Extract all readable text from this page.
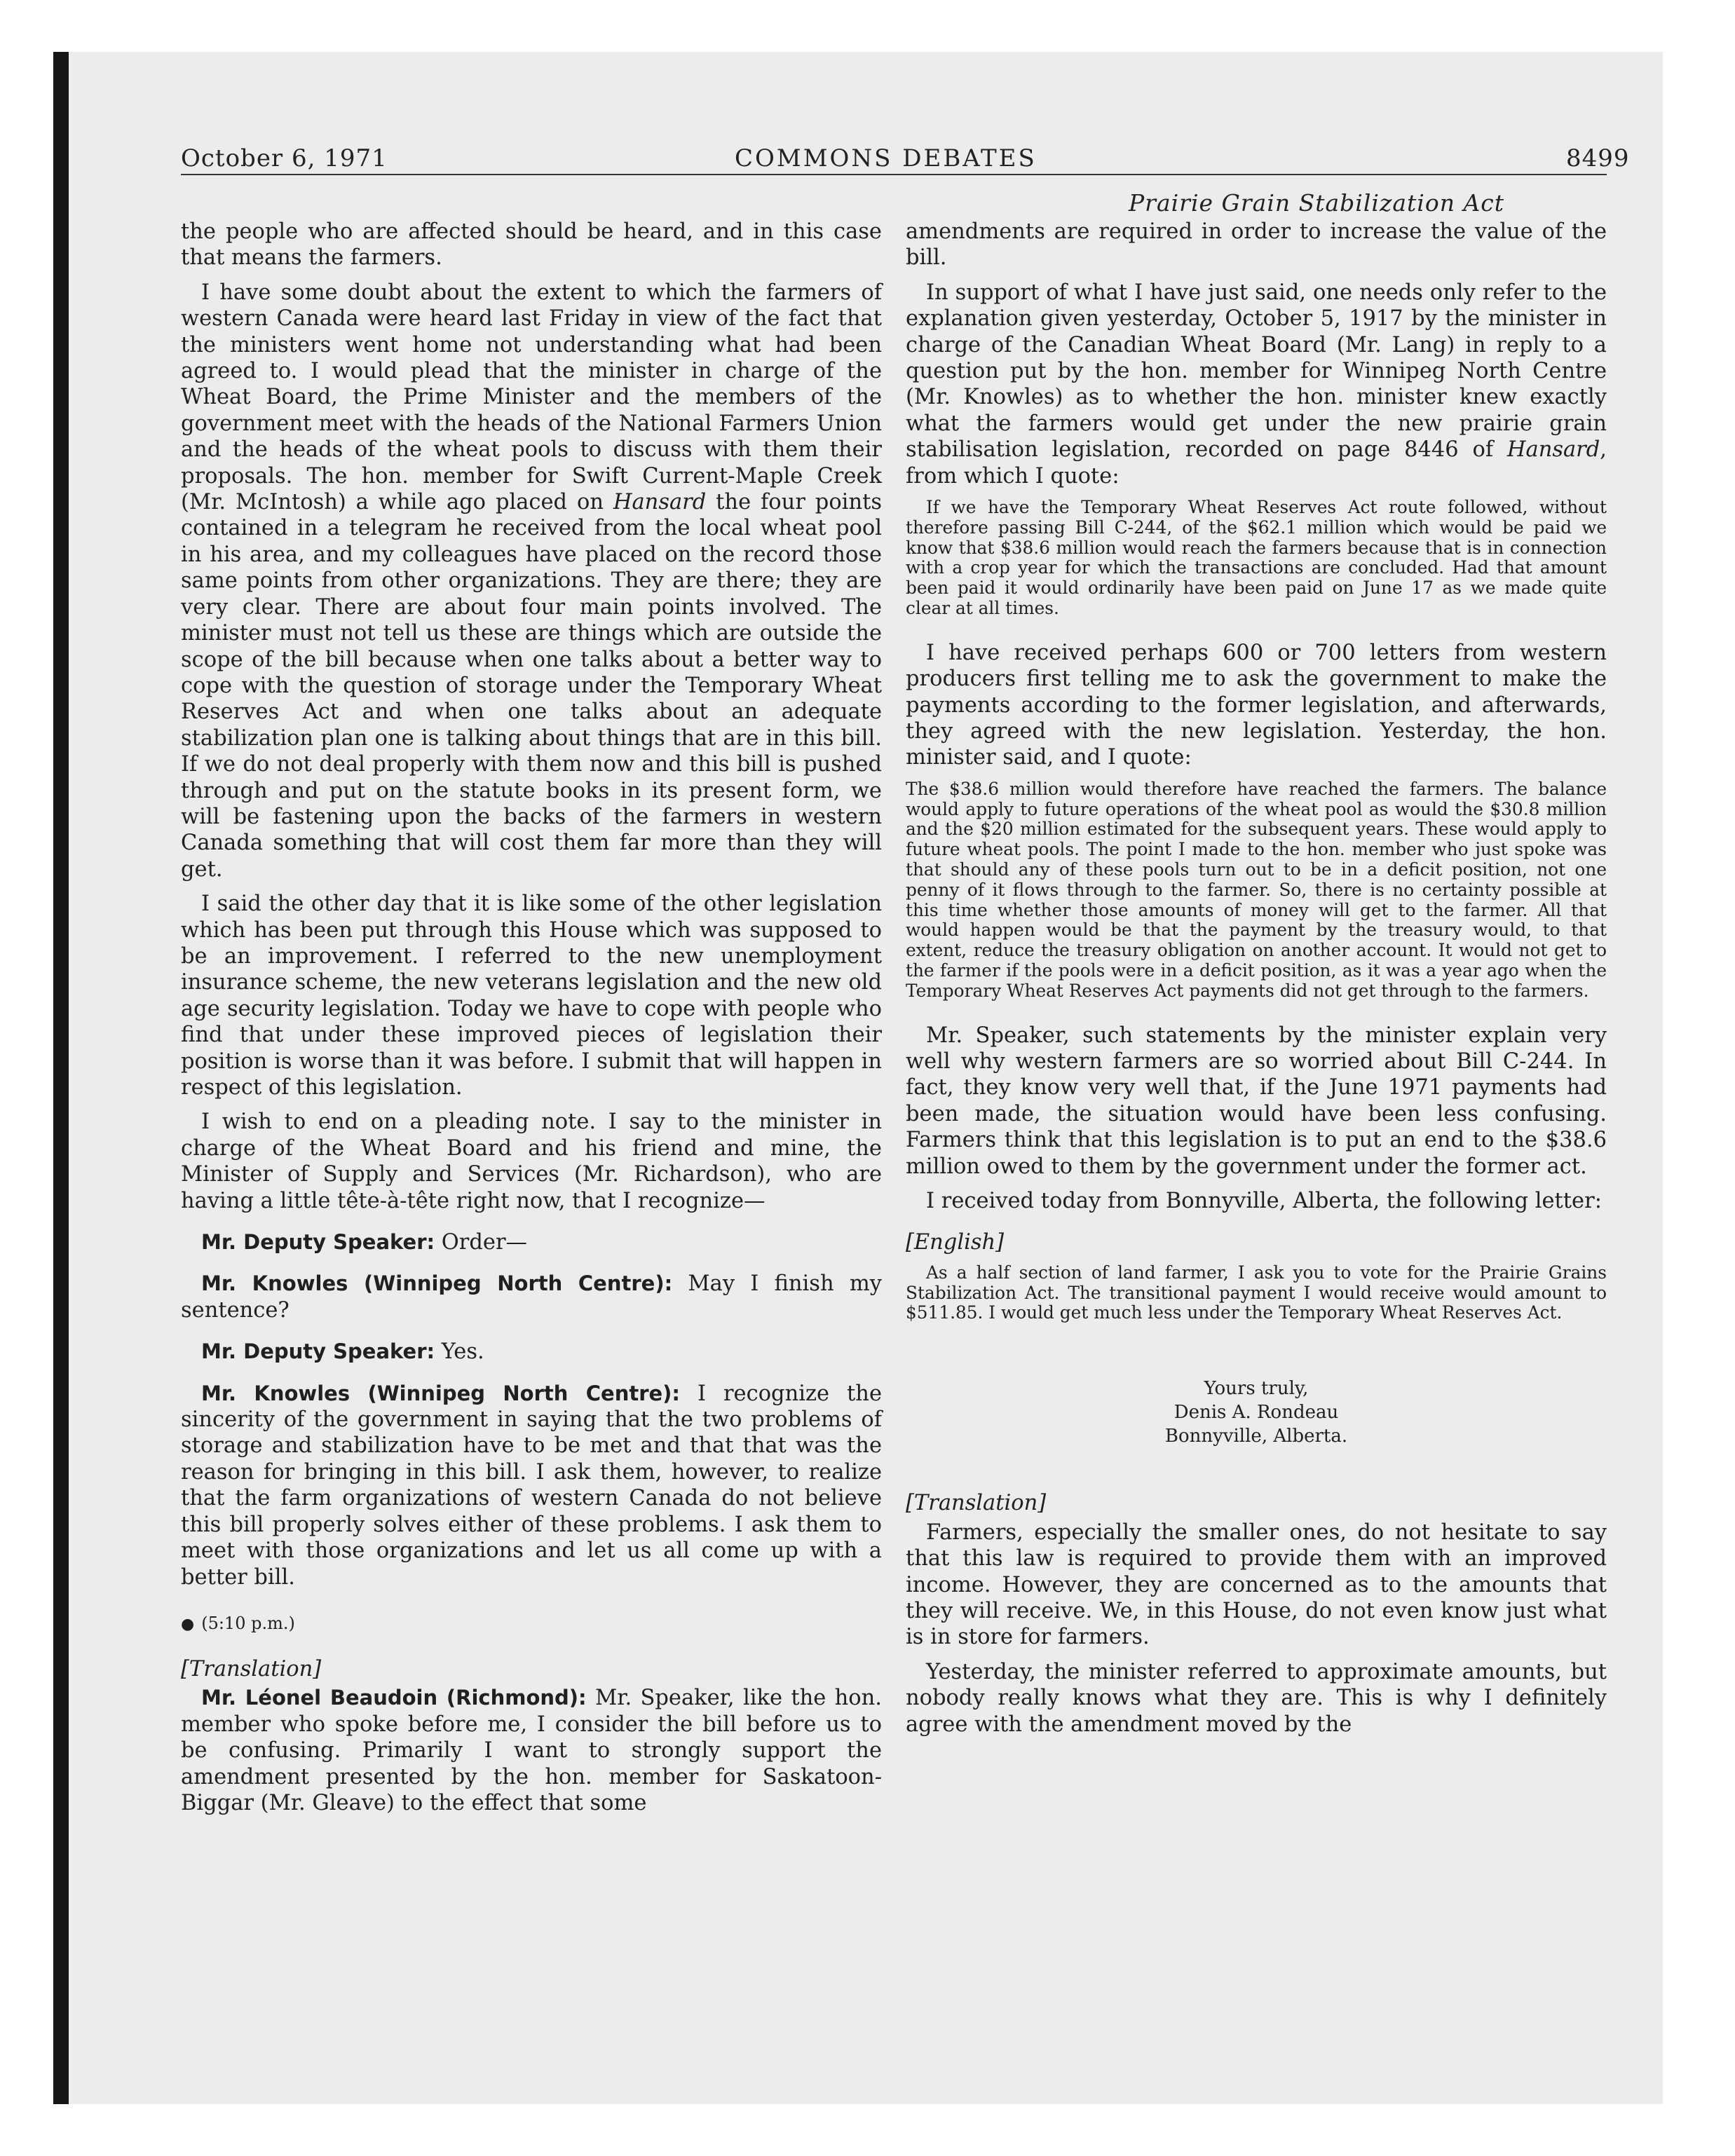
October 6, 1971	COMMONS DEBATES	8499
Prairie Grain Stabilization Act

the people who are affected should be heard, and in this case that means the farmers.

I have some doubt about the extent to which the farmers of western Canada were heard last Friday in view of the fact that the ministers went home not understanding what had been agreed to. I would plead that the minister in charge of the Wheat Board, the Prime Minister and the members of the government meet with the heads of the National Farmers Union and the heads of the wheat pools to discuss with them their proposals. The hon. member for Swift Current-Maple Creek (Mr. McIntosh) a while ago placed on Hansard the four points contained in a telegram he received from the local wheat pool in his area, and my colleagues have placed on the record those same points from other organizations. They are there; they are very clear. There are about four main points involved. The minister must not tell us these are things which are outside the scope of the bill because when one talks about a better way to cope with the question of storage under the Temporary Wheat Reserves Act and when one talks about an adequate stabilization plan one is talking about things that are in this bill. If we do not deal properly with them now and this bill is pushed through and put on the statute books in its present form, we will be fastening upon the backs of the farmers in western Canada something that will cost them far more than they will get.

I said the other day that it is like some of the other legislation which has been put through this House which was supposed to be an improvement. I referred to the new unemployment insurance scheme, the new veterans legislation and the new old age security legislation. Today we have to cope with people who find that under these improved pieces of legislation their position is worse than it was before. I submit that will happen in respect of this legislation.

I wish to end on a pleading note. I say to the minister in charge of the Wheat Board and his friend and mine, the Minister of Supply and Services (Mr. Richardson), who are having a little tête-à-tête right now, that I recognize—

Mr. Deputy Speaker: Order—

Mr. Knowles (Winnipeg North Centre): May I finish my sentence?

Mr. Deputy Speaker: Yes.

Mr. Knowles (Winnipeg North Centre): I recognize the sincerity of the government in saying that the two problems of storage and stabilization have to be met and that that was the reason for bringing in this bill. I ask them, however, to realize that the farm organizations of western Canada do not believe this bill properly solves either of these problems. I ask them to meet with those organizations and let us all come up with a better bill.

● (5:10 p.m.)

[Translation]

Mr. Léonel Beaudoin (Richmond): Mr. Speaker, like the hon. member who spoke before me, I consider the bill before us to be confusing. Primarily I want to strongly support the amendment presented by the hon. member for Saskatoon-Biggar (Mr. Gleave) to the effect that some

amendments are required in order to increase the value of the bill.

In support of what I have just said, one needs only refer to the explanation given yesterday, October 5, 1917 by the minister in charge of the Canadian Wheat Board (Mr. Lang) in reply to a question put by the hon. member for Winnipeg North Centre (Mr. Knowles) as to whether the hon. minister knew exactly what the farmers would get under the new prairie grain stabilisation legislation, recorded on page 8446 of Hansard, from which I quote:

If we have the Temporary Wheat Reserves Act route followed, without therefore passing Bill C-244, of the $62.1 million which would be paid we know that $38.6 million would reach the farmers because that is in connection with a crop year for which the transactions are concluded. Had that amount been paid it would ordinarily have been paid on June 17 as we made quite clear at all times.

I have received perhaps 600 or 700 letters from western producers first telling me to ask the government to make the payments according to the former legislation, and afterwards, they agreed with the new legislation. Yesterday, the hon. minister said, and I quote:

The $38.6 million would therefore have reached the farmers. The balance would apply to future operations of the wheat pool as would the $30.8 million and the $20 million estimated for the subsequent years. These would apply to future wheat pools. The point I made to the hon. member who just spoke was that should any of these pools turn out to be in a deficit position, not one penny of it flows through to the farmer. So, there is no certainty possible at this time whether those amounts of money will get to the farmer. All that would happen would be that the payment by the treasury would, to that extent, reduce the treasury obligation on another account. It would not get to the farmer if the pools were in a deficit position, as it was a year ago when the Temporary Wheat Reserves Act payments did not get through to the farmers.

Mr. Speaker, such statements by the minister explain very well why western farmers are so worried about Bill C-244. In fact, they know very well that, if the June 1971 payments had been made, the situation would have been less confusing. Farmers think that this legislation is to put an end to the $38.6 million owed to them by the government under the former act.

I received today from Bonnyville, Alberta, the following letter:

[English]

As a half section of land farmer, I ask you to vote for the Prairie Grains Stabilization Act. The transitional payment I would receive would amount to $511.85. I would get much less under the Temporary Wheat Reserves Act.

Yours truly,
Denis A. Rondeau
Bonnyville, Alberta.

[Translation]

Farmers, especially the smaller ones, do not hesitate to say that this law is required to provide them with an improved income. However, they are concerned as to the amounts that they will receive. We, in this House, do not even know just what is in store for farmers.

Yesterday, the minister referred to approximate amounts, but nobody really knows what they are. This is why I definitely agree with the amendment moved by the
